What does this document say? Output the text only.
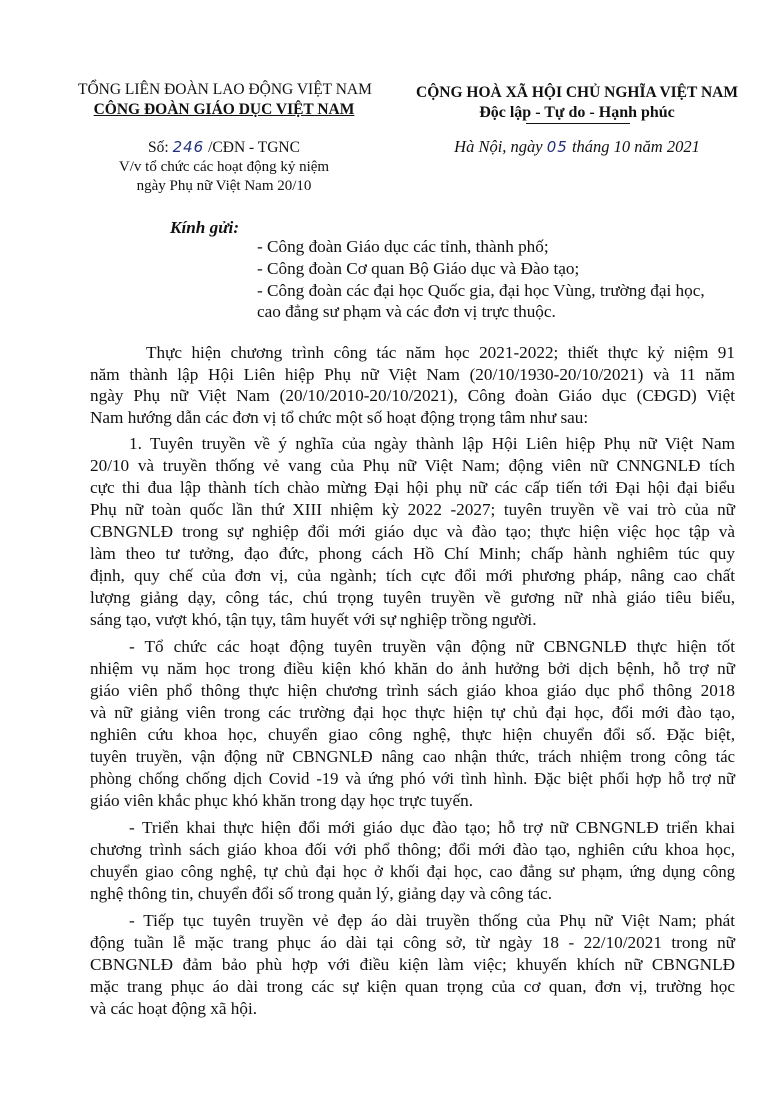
TỔNG LIÊN ĐOÀN LAO ĐỘNG VIỆT NAM
CÔNG ĐOÀN GIÁO DỤC VIỆT NAM
Số: 246 /CĐN - TGNC
V/v tổ chức các hoạt động kỷ niệm
ngày Phụ nữ Việt Nam 20/10
CỘNG HOÀ XÃ HỘI CHỦ NGHĨA VIỆT NAM
Độc lập - Tự do - Hạnh phúc
Hà Nội, ngày 05 tháng 10 năm 2021
Kính gửi:
- Công đoàn Giáo dục các tỉnh, thành phố;
- Công đoàn Cơ quan Bộ Giáo dục và Đào tạo;
- Công đoàn các đại học Quốc gia, đại học Vùng, trường đại học,
cao đẳng sư phạm và các đơn vị trực thuộc.
Thực hiện chương trình công tác năm học 2021-2022; thiết thực kỷ niệm 91
năm thành lập Hội Liên hiệp Phụ nữ Việt Nam (20/10/1930-20/10/2021) và 11 năm
ngày Phụ nữ Việt Nam (20/10/2010-20/10/2021), Công đoàn Giáo dục (CĐGD) Việt
Nam hướng dẫn các đơn vị tổ chức một số hoạt động trọng tâm như sau:
1. Tuyên truyền về ý nghĩa của ngày thành lập Hội Liên hiệp Phụ nữ Việt Nam
20/10 và truyền thống vẻ vang của Phụ nữ Việt Nam; động viên nữ CNNGNLĐ tích
cực thi đua lập thành tích chào mừng Đại hội phụ nữ các cấp tiến tới Đại hội đại biểu
Phụ nữ toàn quốc lần thứ XIII nhiệm kỳ 2022 -2027; tuyên truyền về vai trò của nữ
CBNGNLĐ trong sự nghiệp đổi mới giáo dục và đào tạo; thực hiện việc học tập và
làm theo tư tưởng, đạo đức, phong cách Hồ Chí Minh; chấp hành nghiêm túc quy
định, quy chế của đơn vị, của ngành; tích cực đổi mới phương pháp, nâng cao chất
lượng giảng dạy, công tác, chú trọng tuyên truyền về gương nữ nhà giáo tiêu biểu,
sáng tạo, vượt khó, tận tụy, tâm huyết với sự nghiệp trồng người.
- Tổ chức các hoạt động tuyên truyền vận động nữ CBNGNLĐ thực hiện tốt
nhiệm vụ năm học trong điều kiện khó khăn do ảnh hưởng bởi dịch bệnh, hỗ trợ nữ
giáo viên phổ thông thực hiện chương trình sách giáo khoa giáo dục phổ thông 2018
và nữ giảng viên trong các trường đại học thực hiện tự chủ đại học, đổi mới đào tạo,
nghiên cứu khoa học, chuyển giao công nghệ, thực hiện chuyển đổi số. Đặc biệt,
tuyên truyền, vận động nữ CBNGNLĐ nâng cao nhận thức, trách nhiệm trong công tác
phòng chống chống dịch Covid -19 và ứng phó với tình hình. Đặc biệt phối hợp hỗ trợ nữ
giáo viên khắc phục khó khăn trong dạy học trực tuyến.
- Triển khai thực hiện đổi mới giáo dục đào tạo; hỗ trợ nữ CBNGNLĐ triển khai
chương trình sách giáo khoa đối với phổ thông; đổi mới đào tạo, nghiên cứu khoa học,
chuyển giao công nghệ, tự chủ đại học ở khối đại học, cao đẳng sư phạm, ứng dụng công
nghệ thông tin, chuyển đổi số trong quản lý, giảng dạy và công tác.
- Tiếp tục tuyên truyền vẻ đẹp áo dài truyền thống của Phụ nữ Việt Nam; phát
động tuần lễ mặc trang phục áo dài tại công sở, từ ngày 18 - 22/10/2021 trong nữ
CBNGNLĐ đảm bảo phù hợp với điều kiện làm việc; khuyến khích nữ CBNGNLĐ
mặc trang phục áo dài trong các sự kiện quan trọng của cơ quan, đơn vị, trường học
và các hoạt động xã hội.
